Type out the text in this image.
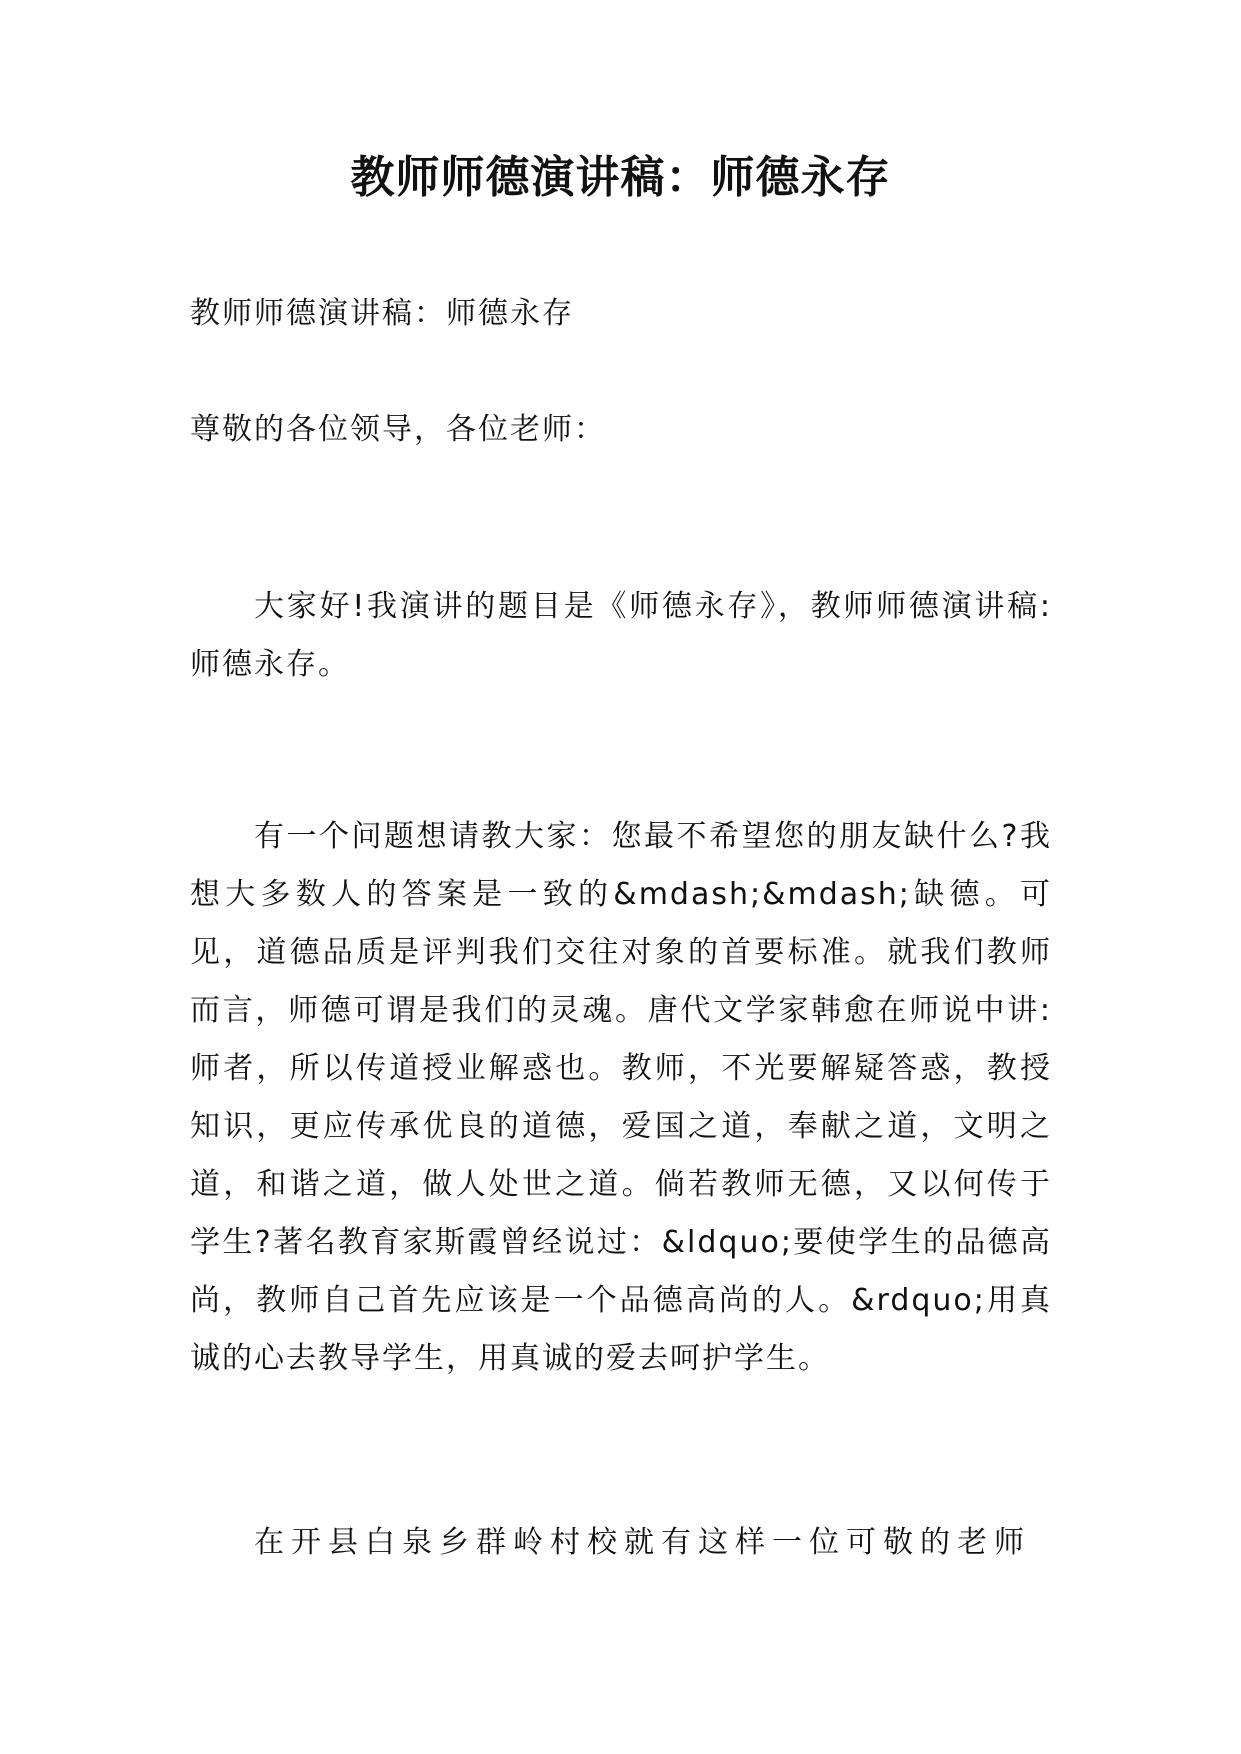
教师师德演讲稿：师德永存

教师师德演讲稿：师德永存

尊敬的各位领导，各位老师：

大家好!我演讲的题目是《师德永存》，教师师德演讲稿:师德永存。

有一个问题想请教大家：您最不希望您的朋友缺什么?我想大多数人的答案是一致的&mdash;&mdash;缺德。可见，道德品质是评判我们交往对象的首要标准。就我们教师而言，师德可谓是我们的灵魂。唐代文学家韩愈在师说中讲:师者，所以传道授业解惑也。教师，不光要解疑答惑，教授知识，更应传承优良的道德，爱国之道，奉献之道，文明之道，和谐之道，做人处世之道。倘若教师无德，又以何传于学生?著名教育家斯霞曾经说过：&ldquo;要使学生的品德高尚，教师自己首先应该是一个品德高尚的人。&rdquo;用真诚的心去教导学生，用真诚的爱去呵护学生。

在开县白泉乡群岭村校就有这样一位可敬的老师
